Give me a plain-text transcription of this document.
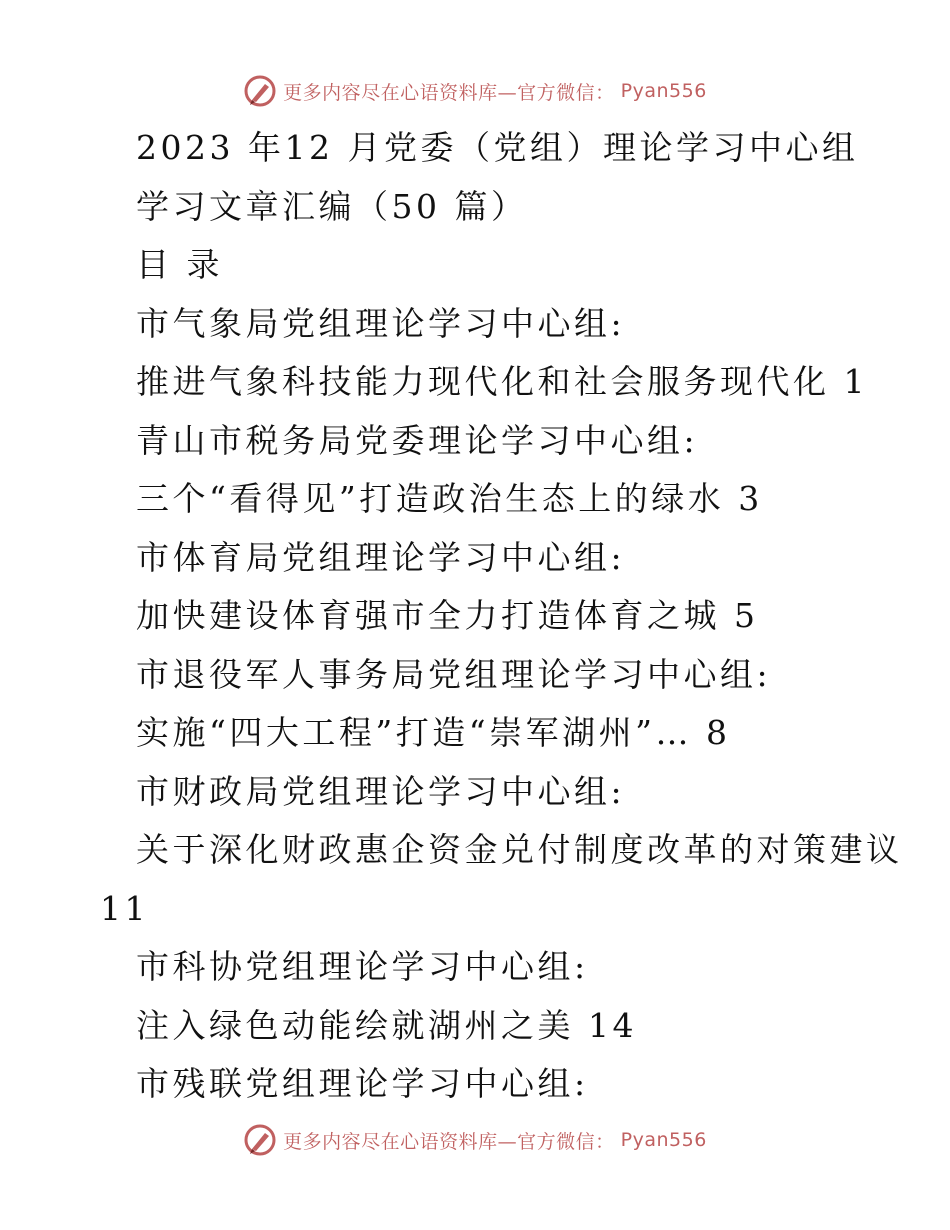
更多内容尽在心语资料库—官方微信： Pyan556
2023 年12 月党委（党组）理论学习中心组
学习文章汇编（50 篇）
目 录
市气象局党组理论学习中心组:
推进气象科技能力现代化和社会服务现代化 1
青山市税务局党委理论学习中心组:
三个“看得见”打造政治生态上的绿水 3
市体育局党组理论学习中心组:
加快建设体育强市全力打造体育之城 5
市退役军人事务局党组理论学习中心组:
实施“四大工程”打造“崇军湖州”… 8
市财政局党组理论学习中心组:
关于深化财政惠企资金兑付制度改革的对策建议
11
市科协党组理论学习中心组:
注入绿色动能绘就湖州之美 14
市残联党组理论学习中心组:
更多内容尽在心语资料库—官方微信： Pyan556
